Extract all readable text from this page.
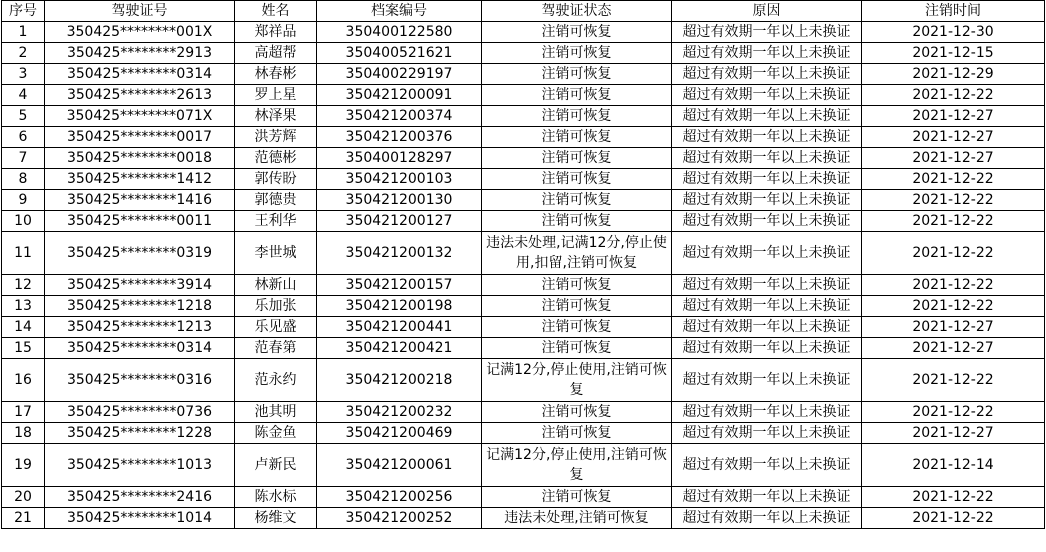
序号	驾驶证号	姓名	档案编号	驾驶证状态	原因	注销时间
1	350425********001X	郑祥品	350400122580	注销可恢复	超过有效期一年以上未换证	2021-12-30
2	350425********2913	高超帮	350400521621	注销可恢复	超过有效期一年以上未换证	2021-12-15
3	350425********0314	林春彬	350400229197	注销可恢复	超过有效期一年以上未换证	2021-12-29
4	350425********2613	罗上星	350421200091	注销可恢复	超过有效期一年以上未换证	2021-12-22
5	350425********071X	林泽果	350421200374	注销可恢复	超过有效期一年以上未换证	2021-12-27
6	350425********0017	洪芳辉	350421200376	注销可恢复	超过有效期一年以上未换证	2021-12-27
7	350425********0018	范德彬	350400128297	注销可恢复	超过有效期一年以上未换证	2021-12-27
8	350425********1412	郭传盼	350421200103	注销可恢复	超过有效期一年以上未换证	2021-12-22
9	350425********1416	郭德贵	350421200130	注销可恢复	超过有效期一年以上未换证	2021-12-22
10	350425********0011	王利华	350421200127	注销可恢复	超过有效期一年以上未换证	2021-12-22
11	350425********0319	李世城	350421200132	违法未处理,记满12分,停止使用,扣留,注销可恢复	超过有效期一年以上未换证	2021-12-22
12	350425********3914	林新山	350421200157	注销可恢复	超过有效期一年以上未换证	2021-12-22
13	350425********1218	乐加张	350421200198	注销可恢复	超过有效期一年以上未换证	2021-12-22
14	350425********1213	乐见盛	350421200441	注销可恢复	超过有效期一年以上未换证	2021-12-27
15	350425********0314	范春第	350421200421	注销可恢复	超过有效期一年以上未换证	2021-12-27
16	350425********0316	范永约	350421200218	记满12分,停止使用,注销可恢复	超过有效期一年以上未换证	2021-12-22
17	350425********0736	池其明	350421200232	注销可恢复	超过有效期一年以上未换证	2021-12-22
18	350425********1228	陈金鱼	350421200469	注销可恢复	超过有效期一年以上未换证	2021-12-27
19	350425********1013	卢新民	350421200061	记满12分,停止使用,注销可恢复	超过有效期一年以上未换证	2021-12-14
20	350425********2416	陈水标	350421200256	注销可恢复	超过有效期一年以上未换证	2021-12-22
21	350425********1014	杨维文	350421200252	违法未处理,注销可恢复	超过有效期一年以上未换证	2021-12-22
